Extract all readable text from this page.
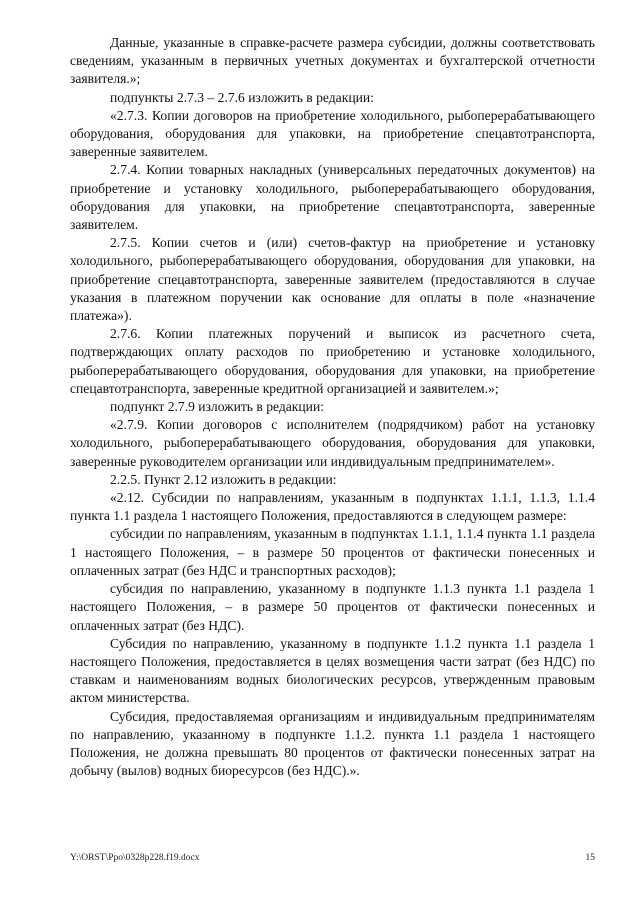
Данные, указанные в справке-расчете размера субсидии, должны соответствовать сведениям, указанным в первичных учетных документах и бухгалтерской отчетности заявителя.»;

подпункты 2.7.3 – 2.7.6 изложить в редакции:

«2.7.3. Копии договоров на приобретение холодильного, рыбоперерабатывающего оборудования, оборудования для упаковки, на приобретение спецавтотранспорта, заверенные заявителем.

2.7.4. Копии товарных накладных (универсальных передаточных документов) на приобретение и установку холодильного, рыбоперерабатывающего оборудования, оборудования для упаковки, на приобретение спецавтотранспорта, заверенные заявителем.

2.7.5. Копии счетов и (или) счетов-фактур на приобретение и установку холодильного, рыбоперерабатывающего оборудования, оборудования для упаковки, на приобретение спецавтотранспорта, заверенные заявителем (предоставляются в случае указания в платежном поручении как основание для оплаты в поле «назначение платежа»).

2.7.6. Копии платежных поручений и выписок из расчетного счета, подтверждающих оплату расходов по приобретению и установке холодильного, рыбоперерабатывающего оборудования, оборудования для упаковки, на приобретение спецавтотранспорта, заверенные кредитной организацией и заявителем.»;

подпункт 2.7.9 изложить в редакции:

«2.7.9. Копии договоров с исполнителем (подрядчиком) работ на установку холодильного, рыбоперерабатывающего оборудования, оборудования для упаковки, заверенные руководителем организации или индивидуальным предпринимателем».

2.2.5. Пункт 2.12 изложить в редакции:

«2.12. Субсидии по направлениям, указанным в подпунктах 1.1.1, 1.1.3, 1.1.4 пункта 1.1 раздела 1 настоящего Положения, предоставляются в следующем размере:

субсидии по направлениям, указанным в подпунктах 1.1.1, 1.1.4 пункта 1.1 раздела 1 настоящего Положения, – в размере 50 процентов от фактически понесенных и оплаченных затрат (без НДС и транспортных расходов);

субсидия по направлению, указанному в подпункте 1.1.3 пункта 1.1 раздела 1 настоящего Положения, – в размере 50 процентов от фактически понесенных и оплаченных затрат (без НДС).

Субсидия по направлению, указанному в подпункте 1.1.2 пункта 1.1 раздела 1 настоящего Положения, предоставляется в целях возмещения части затрат (без НДС) по ставкам и наименованиям водных биологических ресурсов, утвержденным правовым актом министерства.

Субсидия, предоставляемая организациям и индивидуальным предпринимателям по направлению, указанному в подпункте 1.1.2. пункта 1.1 раздела 1 настоящего Положения, не должна превышать 80 процентов от фактически понесенных затрат на добычу (вылов) водных биоресурсов (без НДС).».

Y:\ORST\Ppo\0328p228.f19.docx	15
